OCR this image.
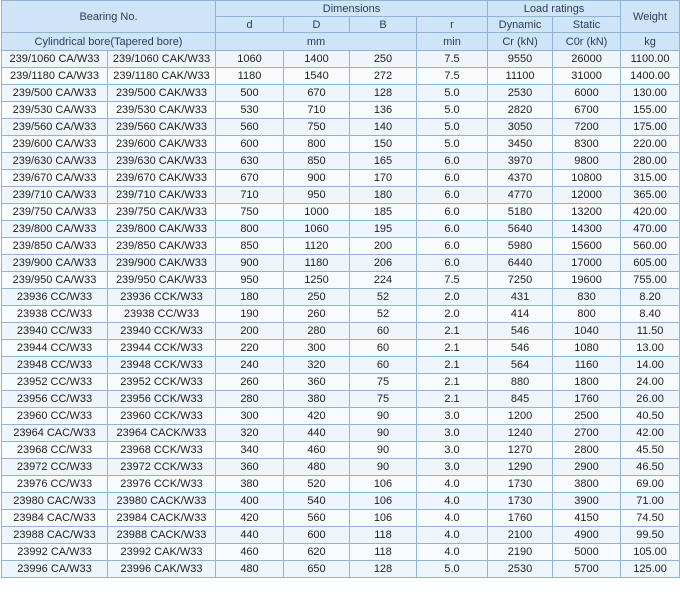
Bearing No.		Dimensions				Load ratings		Weight
		d	D	B	r	Dynamic	Static	
Cylindrical bore(Tapered bore)		mm			min	Cr (kN)	C0r (kN)	kg
239/1060 CA/W33	239/1060 CAK/W33	1060	1400	250	7.5	9550	26000	1100.00
239/1180 CA/W33	239/1180 CAK/W33	1180	1540	272	7.5	11100	31000	1400.00
239/500 CA/W33	239/500 CAK/W33	500	670	128	5.0	2530	6000	130.00
239/530 CA/W33	239/530 CAK/W33	530	710	136	5.0	2820	6700	155.00
239/560 CA/W33	239/560 CAK/W33	560	750	140	5.0	3050	7200	175.00
239/600 CA/W33	239/600 CAK/W33	600	800	150	5.0	3450	8300	220.00
239/630 CA/W33	239/630 CAK/W33	630	850	165	6.0	3970	9800	280.00
239/670 CA/W33	239/670 CAK/W33	670	900	170	6.0	4370	10800	315.00
239/710 CA/W33	239/710 CAK/W33	710	950	180	6.0	4770	12000	365.00
239/750 CA/W33	239/750 CAK/W33	750	1000	185	6.0	5180	13200	420.00
239/800 CA/W33	239/800 CAK/W33	800	1060	195	6.0	5640	14300	470.00
239/850 CA/W33	239/850 CAK/W33	850	1120	200	6.0	5980	15600	560.00
239/900 CA/W33	239/900 CAK/W33	900	1180	206	6.0	6440	17000	605.00
239/950 CA/W33	239/950 CAK/W33	950	1250	224	7.5	7250	19600	755.00
23936 CC/W33	23936 CCK/W33	180	250	52	2.0	431	830	8.20
23938 CC/W33	23938 CC/W33	190	260	52	2.0	414	800	8.40
23940 CC/W33	23940 CCK/W33	200	280	60	2.1	546	1040	11.50
23944 CC/W33	23944 CCK/W33	220	300	60	2.1	546	1080	13.00
23948 CC/W33	23948 CCK/W33	240	320	60	2.1	564	1160	14.00
23952 CC/W33	23952 CCK/W33	260	360	75	2.1	880	1800	24.00
23956 CC/W33	23956 CCK/W33	280	380	75	2.1	845	1760	26.00
23960 CC/W33	23960 CCK/W33	300	420	90	3.0	1200	2500	40.50
23964 CAC/W33	23964 CACK/W33	320	440	90	3.0	1240	2700	42.00
23968 CC/W33	23968 CCK/W33	340	460	90	3.0	1270	2800	45.50
23972 CC/W33	23972 CCK/W33	360	480	90	3.0	1290	2900	46.50
23976 CC/W33	23976 CCK/W33	380	520	106	4.0	1730	3800	69.00
23980 CAC/W33	23980 CACK/W33	400	540	106	4.0	1730	3900	71.00
23984 CAC/W33	23984 CACK/W33	420	560	106	4.0	1760	4150	74.50
23988 CAC/W33	23988 CACK/W33	440	600	118	4.0	2100	4900	99.50
23992 CA/W33	23992 CAK/W33	460	620	118	4.0	2190	5000	105.00
23996 CA/W33	23996 CAK/W33	480	650	128	5.0	2530	5700	125.00
